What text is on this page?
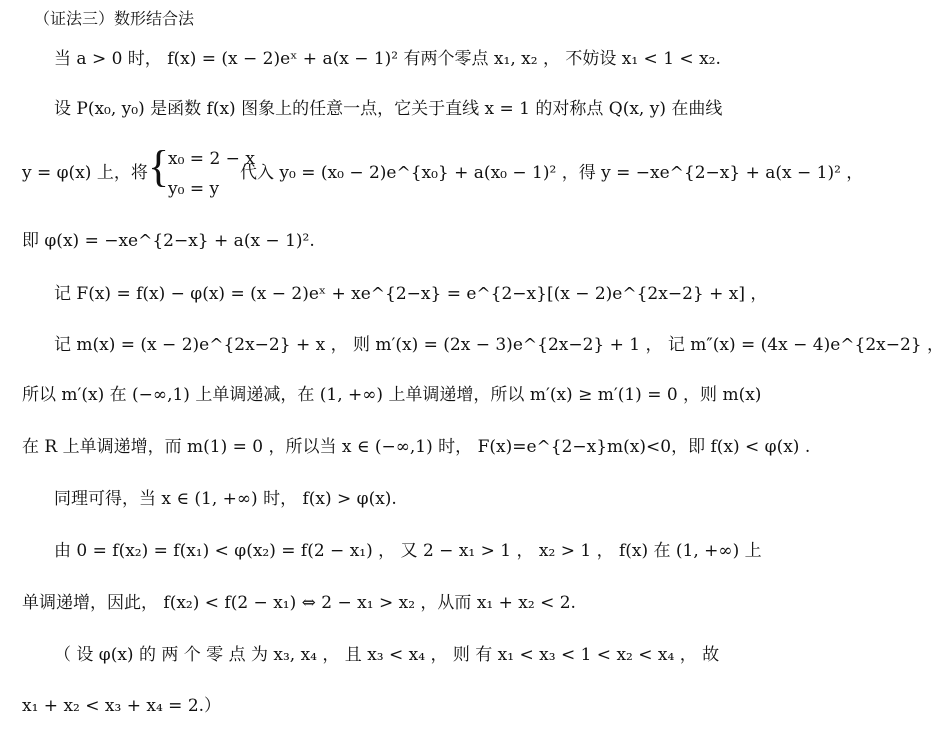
（证法三）数形结合法
当 a > 0 时， f(x) = (x − 2)eˣ + a(x − 1)² 有两个零点 x₁, x₂ ， 不妨设 x₁ < 1 < x₂.
设 P(x₀, y₀) 是函数 f(x) 图象上的任意一点，它关于直线 x = 1 的对称点 Q(x, y) 在曲线
y = φ(x) 上，将 {
x₀ = 2 − x
y₀ = y
代入 y₀ = (x₀ − 2)e^{x₀} + a(x₀ − 1)² ，得 y = −xe^{2−x} + a(x − 1)² ，
即 φ(x) = −xe^{2−x} + a(x − 1)².
记 F(x) = f(x) − φ(x) = (x − 2)eˣ + xe^{2−x} = e^{2−x}[(x − 2)e^{2x−2} + x] ，
记 m(x) = (x − 2)e^{2x−2} + x ， 则 m′(x) = (2x − 3)e^{2x−2} + 1 ， 记 m″(x) = (4x − 4)e^{2x−2} ，
所以 m′(x) 在 (−∞,1) 上单调递减，在 (1, +∞) 上单调递增，所以 m′(x) ≥ m′(1) = 0 ，则 m(x)
在 R 上单调递增，而 m(1) = 0 ，所以当 x ∈ (−∞,1) 时， F(x)=e^{2−x}m(x)<0，即 f(x) < φ(x) .
同理可得，当 x ∈ (1, +∞) 时， f(x) > φ(x).
由 0 = f(x₂) = f(x₁) < φ(x₂) = f(2 − x₁) ， 又 2 − x₁ > 1 ， x₂ > 1 ， f(x) 在 (1, +∞) 上
单调递增，因此， f(x₂) < f(2 − x₁) ⇔ 2 − x₁ > x₂ ，从而 x₁ + x₂ < 2.
（ 设 φ(x) 的 两 个 零 点 为 x₃, x₄ ， 且 x₃ < x₄ ， 则 有 x₁ < x₃ < 1 < x₂ < x₄ ， 故
x₁ + x₂ < x₃ + x₄ = 2.）
